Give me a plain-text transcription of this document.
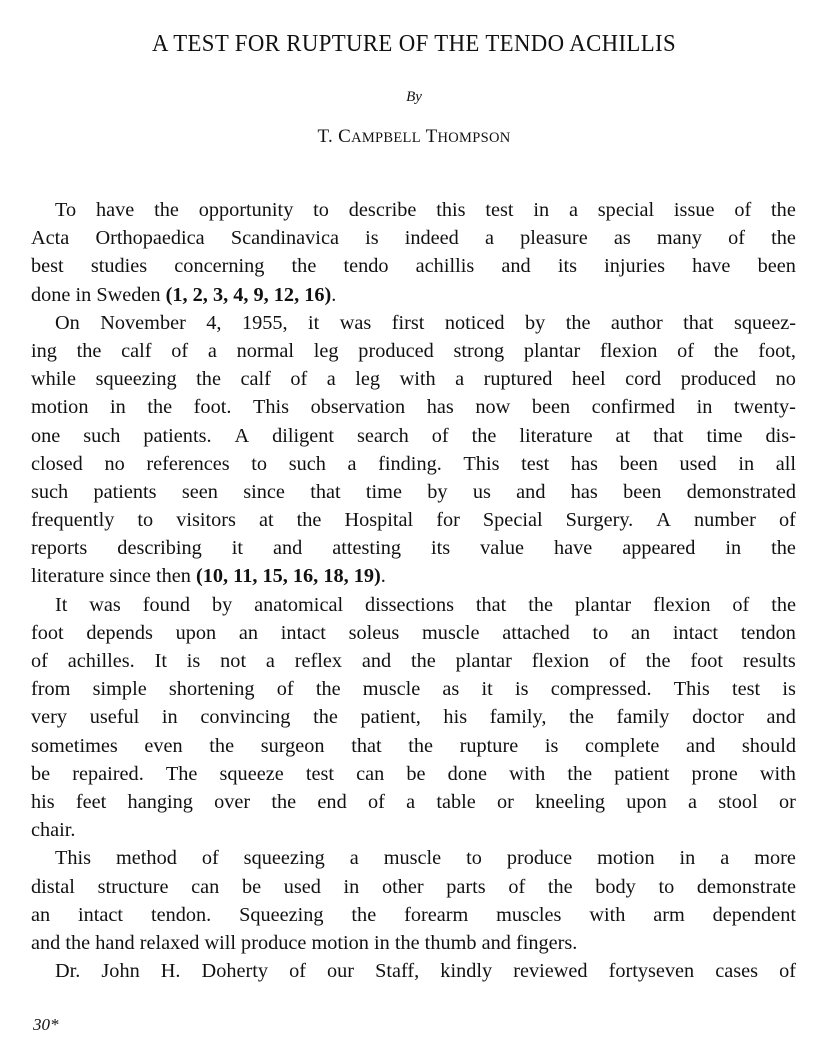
A TEST FOR RUPTURE OF THE TENDO ACHILLIS
By
T. CAMPBELL THOMPSON
To have the opportunity to describe this test in a special issue of the
Acta Orthopaedica Scandinavica is indeed a pleasure as many of the
best studies concerning the tendo achillis and its injuries have been
done in Sweden (1, 2, 3, 4, 9, 12, 16).
On November 4, 1955, it was first noticed by the author that squeez-
ing the calf of a normal leg produced strong plantar flexion of the foot,
while squeezing the calf of a leg with a ruptured heel cord produced no
motion in the foot. This observation has now been confirmed in twenty-
one such patients. A diligent search of the literature at that time dis-
closed no references to such a finding. This test has been used in all
such patients seen since that time by us and has been demonstrated
frequently to visitors at the Hospital for Special Surgery. A number of
reports describing it and attesting its value have appeared in the
literature since then (10, 11, 15, 16, 18, 19).
It was found by anatomical dissections that the plantar flexion of the
foot depends upon an intact soleus muscle attached to an intact tendon
of achilles. It is not a reflex and the plantar flexion of the foot results
from simple shortening of the muscle as it is compressed. This test is
very useful in convincing the patient, his family, the family doctor and
sometimes even the surgeon that the rupture is complete and should
be repaired. The squeeze test can be done with the patient prone with
his feet hanging over the end of a table or kneeling upon a stool or
chair.
This method of squeezing a muscle to produce motion in a more
distal structure can be used in other parts of the body to demonstrate
an intact tendon. Squeezing the forearm muscles with arm dependent
and the hand relaxed will produce motion in the thumb and fingers.
Dr. John H. Doherty of our Staff, kindly reviewed fortyseven cases of
30*
